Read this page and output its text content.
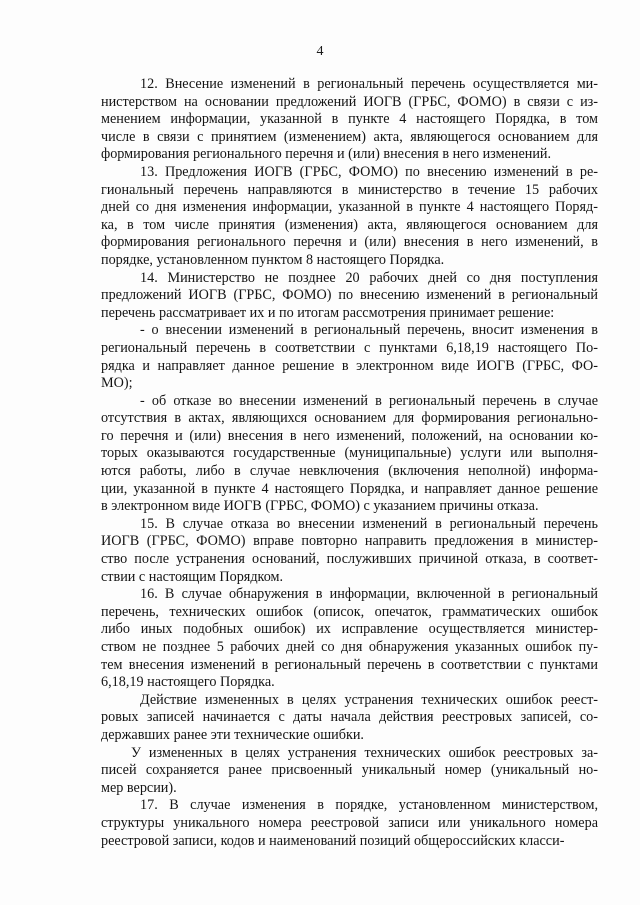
4

12. Внесение изменений в региональный перечень осуществляется ми-
нистерством на основании предложений ИОГВ (ГРБС, ФОМО) в связи с из-
менением информации, указанной в пункте 4 настоящего Порядка, в том
числе в связи с принятием (изменением) акта, являющегося основанием для
формирования регионального перечня и (или) внесения в него изменений.

13. Предложения ИОГВ (ГРБС, ФОМО) по внесению изменений в ре-
гиональный перечень направляются в министерство в течение 15 рабочих
дней со дня изменения информации, указанной в пункте 4 настоящего Поряд-
ка, в том числе принятия (изменения) акта, являющегося основанием для
формирования регионального перечня и (или) внесения в него изменений, в
порядке, установленном пунктом 8 настоящего Порядка.

14. Министерство не позднее 20 рабочих дней со дня поступления
предложений ИОГВ (ГРБС, ФОМО) по внесению изменений в региональный
перечень рассматривает их и по итогам рассмотрения принимает решение:

- о внесении изменений в региональный перечень, вносит изменения в
региональный перечень в соответствии с пунктами 6,18,19 настоящего По-
рядка и направляет данное решение в электронном виде ИОГВ (ГРБС, ФО-
МО);

- об отказе во внесении изменений в региональный перечень в случае
отсутствия в актах, являющихся основанием для формирования регионально-
го перечня и (или) внесения в него изменений, положений, на основании ко-
торых оказываются государственные (муниципальные) услуги или выполня-
ются работы, либо в случае невключения (включения неполной) информа-
ции, указанной в пункте 4 настоящего Порядка, и направляет данное решение
в электронном виде ИОГВ (ГРБС, ФОМО) с указанием причины отказа.

15. В случае отказа во внесении изменений в региональный перечень
ИОГВ (ГРБС, ФОМО) вправе повторно направить предложения в министер-
ство после устранения оснований, послуживших причиной отказа, в соответ-
ствии с настоящим Порядком.

16. В случае обнаружения в информации, включенной в региональный
перечень, технических ошибок (описок, опечаток, грамматических ошибок
либо иных подобных ошибок) их исправление осуществляется министер-
ством не позднее 5 рабочих дней со дня обнаружения указанных ошибок пу-
тем внесения изменений в региональный перечень в соответствии с пунктами
6,18,19 настоящего Порядка.

Действие измененных в целях устранения технических ошибок реест-
ровых записей начинается с даты начала действия реестровых записей, со-
державших ранее эти технические ошибки.

У измененных в целях устранения технических ошибок реестровых за-
писей сохраняется ранее присвоенный уникальный номер (уникальный но-
мер версии).

17. В случае изменения в порядке, установленном министерством,
структуры уникального номера реестровой записи или уникального номера
реестровой записи, кодов и наименований позиций общероссийских класси-
